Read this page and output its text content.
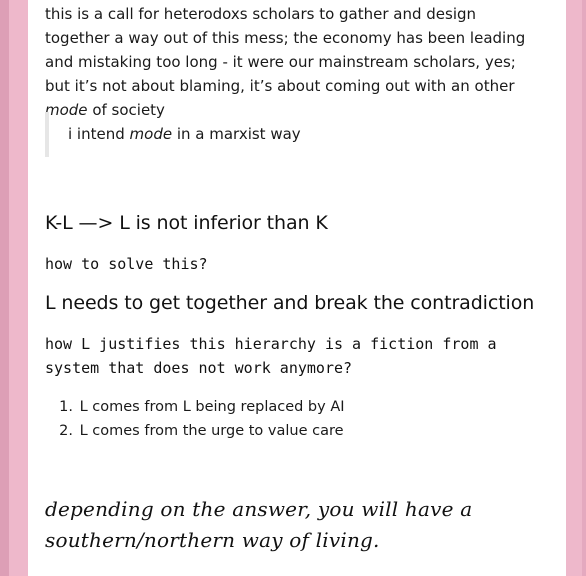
this is a call for heterodoxs scholars to gather and design together a way out of this mess; the economy has been leading and mistaking too long - it were our mainstream scholars, yes; but it’s not about blaming, it’s about coming out with an other mode of society

i intend mode in a marxist way

K-L —> L is not inferior than K

how to solve this?

L needs to get together and break the contradiction

how L justifies this hierarchy is a fiction from a system that does not work anymore?

1. L comes from L being replaced by AI
2. L comes from the urge to value care

depending on the answer, you will have a southern/northern way of living.
